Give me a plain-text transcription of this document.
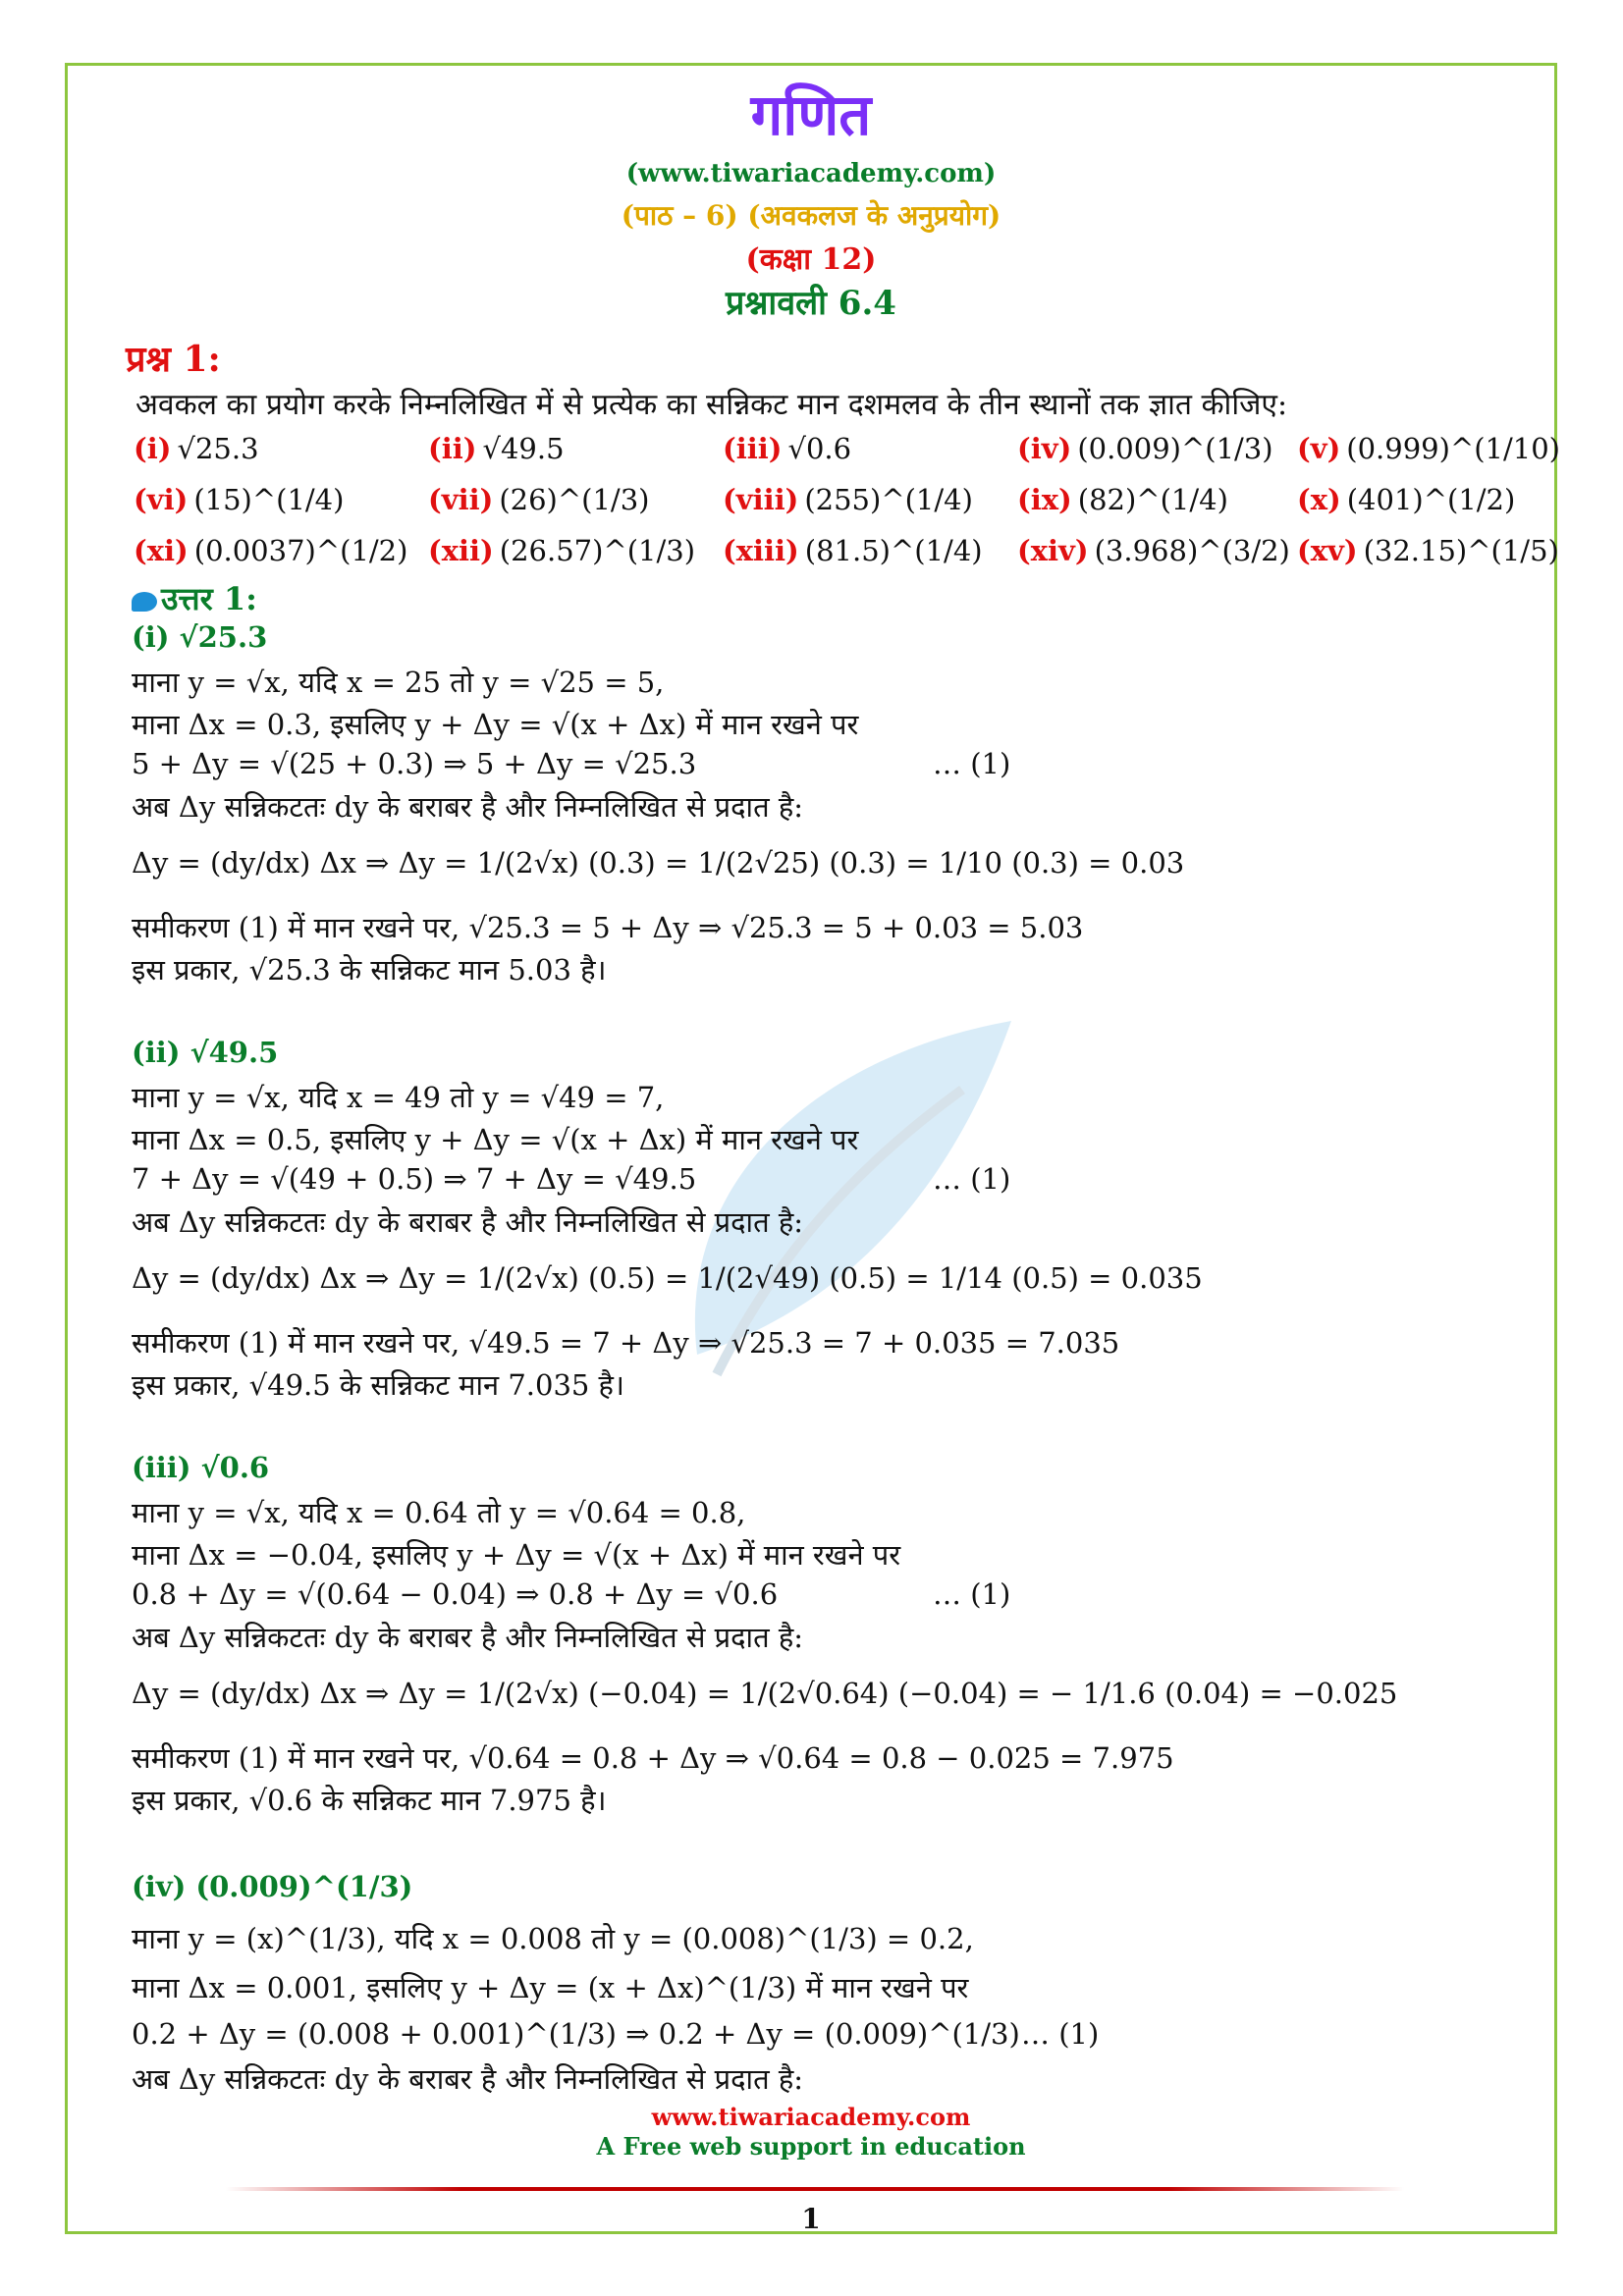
गणित
(www.tiwariacademy.com)
(पाठ – 6) (अवकलज के अनुप्रयोग)
(कक्षा 12)
प्रश्नावली 6.4
प्रश्न 1:
अवकल का प्रयोग करके निम्नलिखित में से प्रत्येक का सन्निकट मान दशमलव के तीन स्थानों तक ज्ञात कीजिए:
(i) √25.3	(ii) √49.5	(iii) √0.6	(iv) (0.009)^(1/3) (v) (0.999)^(1/10)
(vi) (15)^(1/4)	(vii) (26)^(1/3)	(viii) (255)^(1/4)	(ix) (82)^(1/4)	(x) (401)^(1/2)
(xi) (0.0037)^(1/2) (xii) (26.57)^(1/3) (xiii) (81.5)^(1/4)	(xiv) (3.968)^(3/2) (xv) (32.15)^(1/5)
उत्तर 1:
(i) √25.3
माना y = √x, यदि x = 25 तो y = √25 = 5,
माना Δx = 0.3, इसलिए y + Δy = √(x + Δx) में मान रखने पर
5 + Δy = √(25 + 0.3) ⇒ 5 + Δy = √25.3	… (1)
अब Δy सन्निकटतः dy के बराबर है और निम्नलिखित से प्रदात है:
Δy = (dy/dx) Δx ⇒ Δy = 1/(2√x) (0.3) = 1/(2√25) (0.3) = 1/10 (0.3) = 0.03
समीकरण (1) में मान रखने पर, √25.3 = 5 + Δy ⇒ √25.3 = 5 + 0.03 = 5.03
इस प्रकार, √25.3 के सन्निकट मान 5.03 है।
(ii) √49.5
माना y = √x, यदि x = 49 तो y = √49 = 7,
माना Δx = 0.5, इसलिए y + Δy = √(x + Δx) में मान रखने पर
7 + Δy = √(49 + 0.5) ⇒ 7 + Δy = √49.5	… (1)
अब Δy सन्निकटतः dy के बराबर है और निम्नलिखित से प्रदात है:
Δy = (dy/dx) Δx ⇒ Δy = 1/(2√x) (0.5) = 1/(2√49) (0.5) = 1/14 (0.5) = 0.035
समीकरण (1) में मान रखने पर, √49.5 = 7 + Δy ⇒ √25.3 = 7 + 0.035 = 7.035
इस प्रकार, √49.5 के सन्निकट मान 7.035 है।
(iii) √0.6
माना y = √x, यदि x = 0.64 तो y = √0.64 = 0.8,
माना Δx = −0.04, इसलिए y + Δy = √(x + Δx) में मान रखने पर
0.8 + Δy = √(0.64 − 0.04) ⇒ 0.8 + Δy = √0.6	… (1)
अब Δy सन्निकटतः dy के बराबर है और निम्नलिखित से प्रदात है:
Δy = (dy/dx) Δx ⇒ Δy = 1/(2√x) (−0.04) = 1/(2√0.64) (−0.04) = − 1/1.6 (0.04) = −0.025
समीकरण (1) में मान रखने पर, √0.64 = 0.8 + Δy ⇒ √0.64 = 0.8 − 0.025 = 7.975
इस प्रकार, √0.6 के सन्निकट मान 7.975 है।
(iv) (0.009)^(1/3)
माना y = (x)^(1/3), यदि x = 0.008 तो y = (0.008)^(1/3) = 0.2,
माना Δx = 0.001, इसलिए y + Δy = (x + Δx)^(1/3) में मान रखने पर
0.2 + Δy = (0.008 + 0.001)^(1/3) ⇒ 0.2 + Δy = (0.009)^(1/3) … (1)
अब Δy सन्निकटतः dy के बराबर है और निम्नलिखित से प्रदात है:
www.tiwariacademy.com
A Free web support in education
1
